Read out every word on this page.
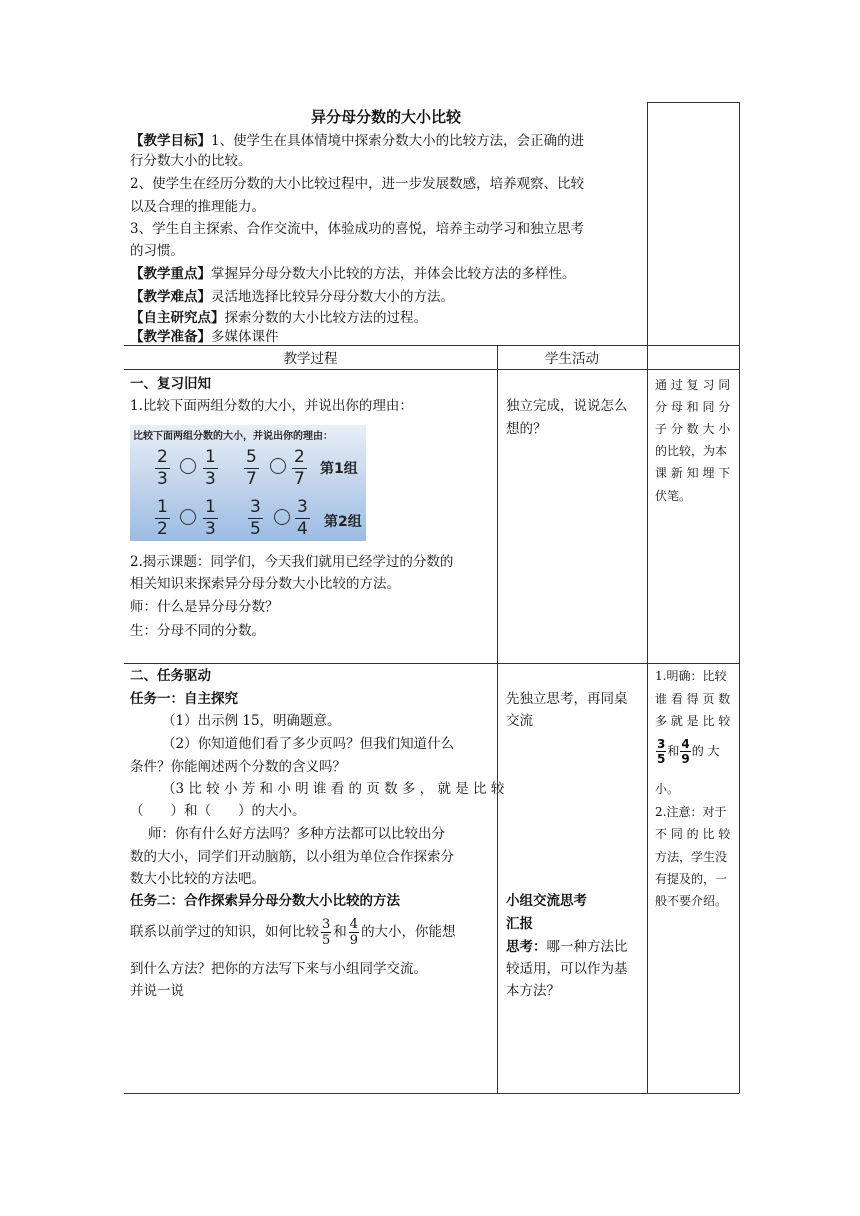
异分母分数的大小比较
【教学目标】1、使学生在具体情境中探索分数大小的比较方法，会正确的进
行分数大小的比较。
2、使学生在经历分数的大小比较过程中，进一步发展数感，培养观察、比较
以及合理的推理能力。
3、学生自主探索、合作交流中，体验成功的喜悦，培养主动学习和独立思考
的习惯。
【教学重点】掌握异分母分数大小比较的方法，并体会比较方法的多样性。
【教学难点】灵活地选择比较异分母分数大小的方法。
【自主研究点】探索分数的大小比较方法的过程。
【教学准备】多媒体课件
教学过程	学生活动
一、复习旧知
1.比较下面两组分数的大小，并说出你的理由：
比较下面两组分数的大小，并说出你的理由：
2
3
1
3
5
7
2
7 第1组
1
2
1
3
3
5
3
4 第2组
2.揭示课题：同学们，今天我们就用已经学过的分数的
相关知识来探索异分母分数大小比较的方法。
师：什么是异分母分数？
生：分母不同的分数。
独立完成，说说怎么
想的？
通 过 复 习 同
分 母 和 同 分
子 分 数 大 小
的比较，为本
课 新 知 埋 下
伏笔。
二、任务驱动
任务一：自主探究
（1）出示例 15，明确题意。
（2）你知道他们看了多少页吗？但我们知道什么
条件？你能阐述两个分数的含义吗？
（3 比 较 小 芳 和 小 明 谁 看 的 页 数 多 ， 就 是 比 较
（　　）和（　　）的大小。
师：你有什么好方法吗？多种方法都可以比较出分
数的大小，同学们开动脑筋，以小组为单位合作探索分
数大小比较的方法吧。
任务二：合作探索异分母分数大小比较的方法
联系以前学过的知识，如何比较 $\frac{3}{5}$ 和 $\frac{4}{9}$ 的大小，你能想
到什么方法？把你的方法写下来与小组同学交流。
并说一说
先独立思考，再同桌
交流
小组交流思考
汇报
思考：哪一种方法比
较适用，可以作为基
本方法？
1.明确：比较
谁 看 得 页 数
多 就 是 比 较
$\frac{3}{5}$ 和 $\frac{4}{9}$ 的 大
小。
2.注意：对于
不 同 的 比 较
方法，学生没
有提及的，一
般不要介绍。
